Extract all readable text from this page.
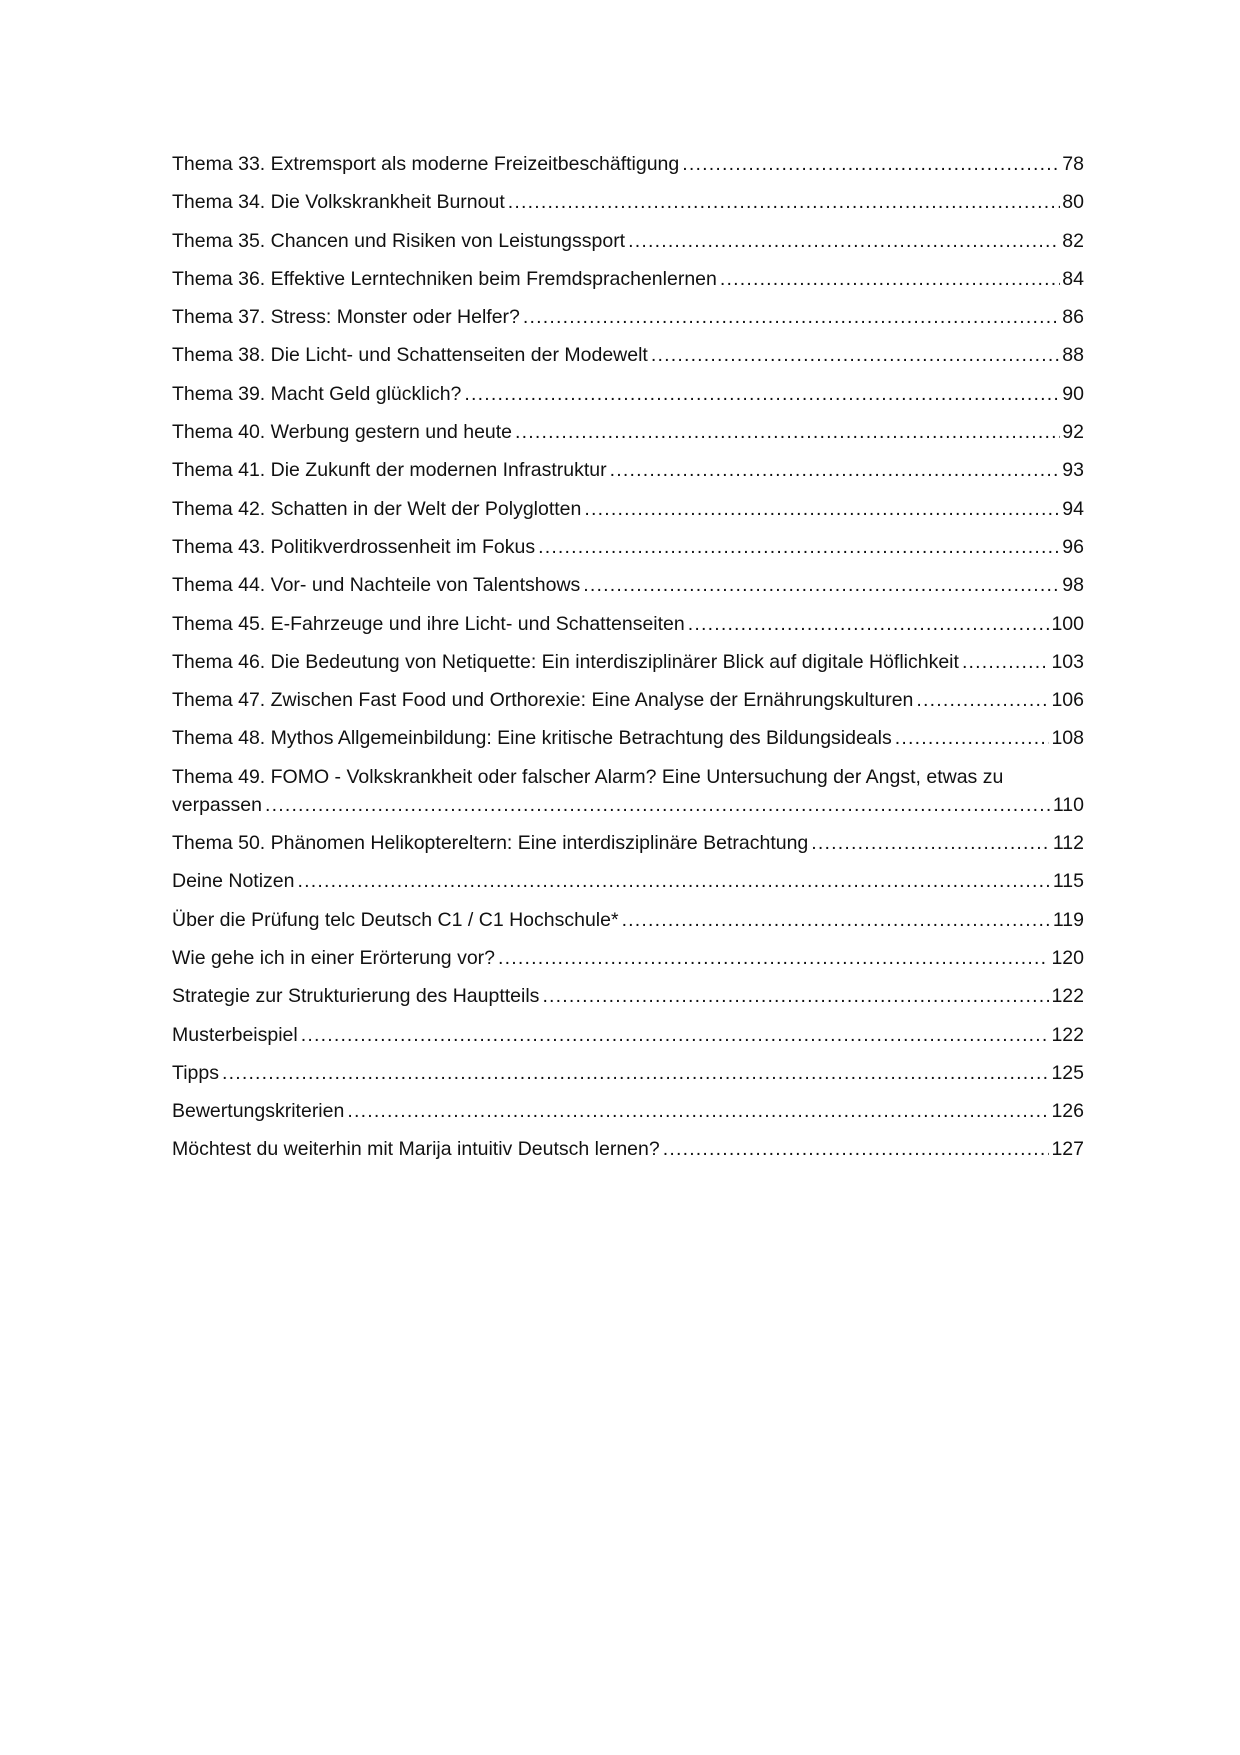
Thema 33. Extremsport als moderne Freizeitbeschäftigung .....	78
Thema 34. Die Volkskrankheit Burnout .....	80
Thema 35. Chancen und Risiken von Leistungssport .....	82
Thema 36. Effektive Lerntechniken beim Fremdsprachenlernen .....	84
Thema 37. Stress: Monster oder Helfer? .....	86
Thema 38. Die Licht- und Schattenseiten der Modewelt .....	88
Thema 39. Macht Geld glücklich? .....	90
Thema 40. Werbung gestern und heute .....	92
Thema 41. Die Zukunft der modernen Infrastruktur .....	93
Thema 42. Schatten in der Welt der Polyglotten .....	94
Thema 43. Politikverdrossenheit im Fokus .....	96
Thema 44. Vor- und Nachteile von Talentshows .....	98
Thema 45. E-Fahrzeuge und ihre Licht- und Schattenseiten .....	100
Thema 46. Die Bedeutung von Netiquette: Ein interdisziplinärer Blick auf digitale Höflichkeit .....	103
Thema 47. Zwischen Fast Food und Orthorexie: Eine Analyse der Ernährungskulturen .....	106
Thema 48. Mythos Allgemeinbildung: Eine kritische Betrachtung des Bildungsideals .....	108
Thema 49. FOMO - Volkskrankheit oder falscher Alarm? Eine Untersuchung der Angst, etwas zu
verpassen .....	110
Thema 50. Phänomen Helikoptereltern: Eine interdisziplinäre Betrachtung .....	112
Deine Notizen .....	115
Über die Prüfung telc Deutsch C1 / C1 Hochschule* .....	119
Wie gehe ich in einer Erörterung vor? .....	120
Strategie zur Strukturierung des Hauptteils .....	122
Musterbeispiel .....	122
Tipps .....	125
Bewertungskriterien .....	126
Möchtest du weiterhin mit Marija intuitiv Deutsch lernen? .....	127
